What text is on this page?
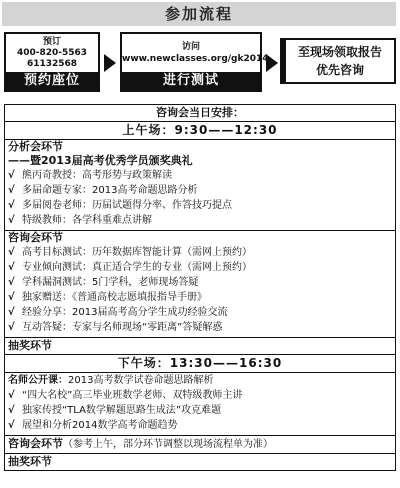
参加流程
预订
400-820-5563
61132568
预约座位
访问
www.newclasses.org/gk2014
进行测试
至现场领取报告
优先咨询
咨询会当日安排：
上午场：9:30——12:30
分析会环节
——暨2013届高考优秀学员颁奖典礼
√ 熊丙奇教授：高考形势与政策解读
√ 多届命题专家：2013高考命题思路分析
√ 多届阅卷老师：历届试题得分率、作答技巧提点
√ 特级教师：各学科重难点讲解
咨询会环节
√ 高考目标测试：历年数据库智能计算（需网上预约）
√ 专业倾向测试：真正适合学生的专业（需网上预约）
√ 学科漏洞测试：5门学科，老师现场答疑
√ 独家赠送：《普通高校志愿填报指导手册》
√ 经验分享：2013届高考高分学生成功经验交流
√ 互动答疑：专家与名师现场“零距离”答疑解惑
抽奖环节
下午场：13:30——16:30
名师公开课：2013高考数学试卷命题思路解析
√ “四大名校”高三毕业班数学老师、双特级教师主讲
√ 独家传授“TLA数学解题思路生成法”攻克难题
√ 展望和分析2014数学高考命题趋势
咨询会环节（参考上午，部分环节调整以现场流程单为准）
抽奖环节
